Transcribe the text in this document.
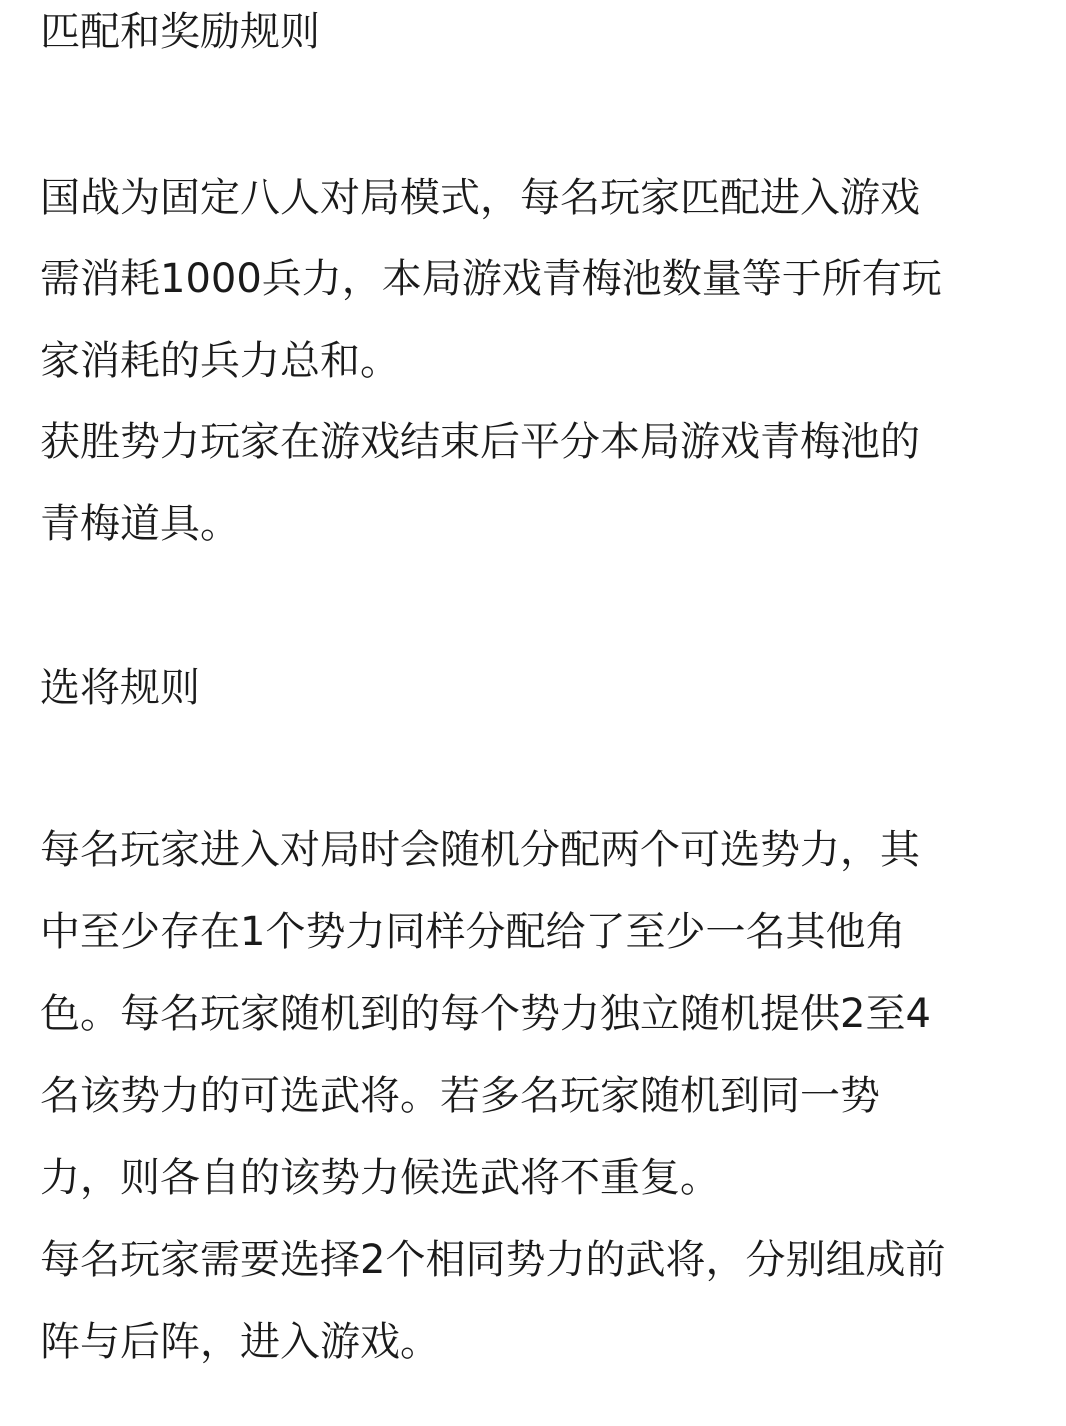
匹配和奖励规则
国战为固定八人对局模式，每名玩家匹配进入游戏
需消耗1000兵力，本局游戏青梅池数量等于所有玩
家消耗的兵力总和。
获胜势力玩家在游戏结束后平分本局游戏青梅池的
青梅道具。
选将规则
每名玩家进入对局时会随机分配两个可选势力，其
中至少存在1个势力同样分配给了至少一名其他角
色。每名玩家随机到的每个势力独立随机提供2至4
名该势力的可选武将。若多名玩家随机到同一势
力，则各自的该势力候选武将不重复。
每名玩家需要选择2个相同势力的武将，分别组成前
阵与后阵，进入游戏。
